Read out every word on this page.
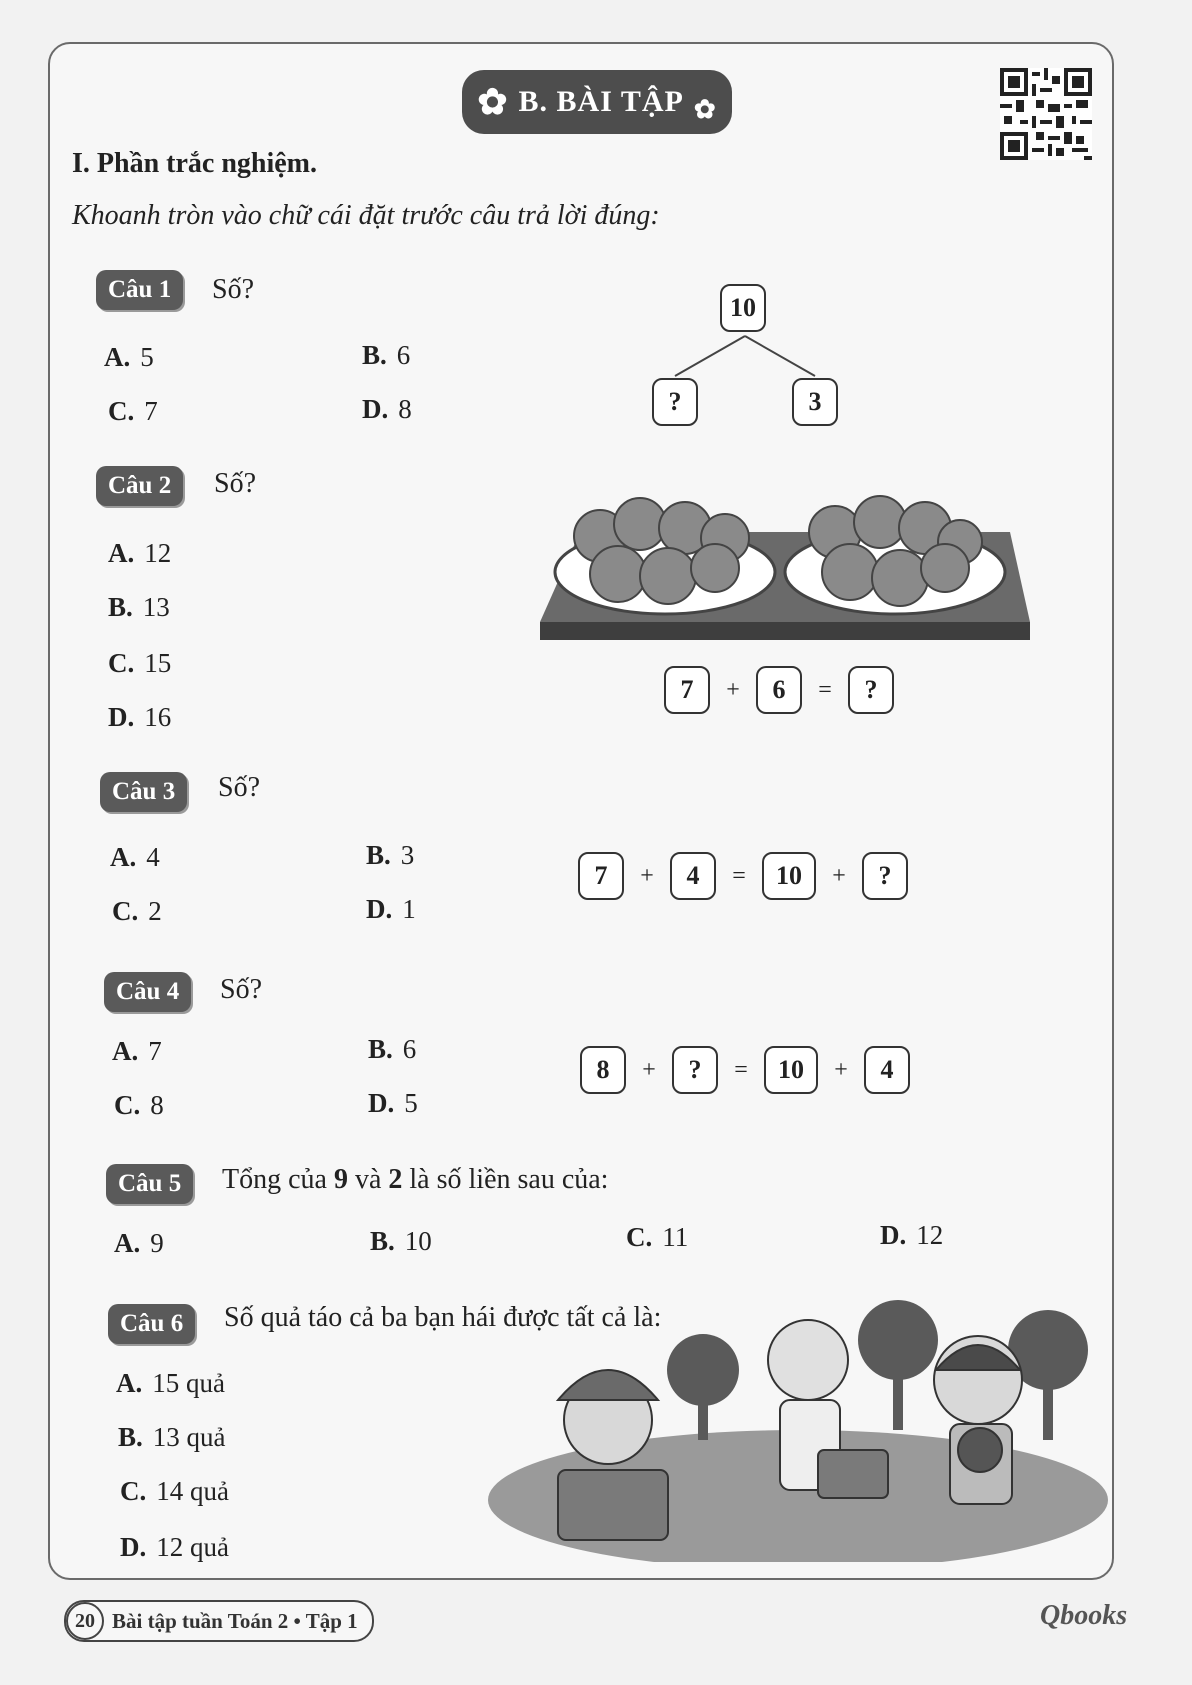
✿ B. BÀI TẬP ✿
I. Phần trắc nghiệm.
Khoanh tròn vào chữ cái đặt trước câu trả lời đúng:
Câu 1	Số?
A. 5	B. 6
C. 7	D. 8
10
?	3
Câu 2	Số?
A. 12
B. 13
C. 15
D. 16
7	+	6	=	?
Câu 3	Số?
A. 4	B. 3
C. 2	D. 1
7	+	4	=	10	+	?
Câu 4	Số?
A. 7	B. 6
C. 8	D. 5
8	+	?	=	10	+	4
Câu 5	Tổng của 9 và 2 là số liền sau của:
A. 9	B. 10	C. 11	D. 12
Câu 6	Số quả táo cả ba bạn hái được tất cả là:
A. 15 quả
B. 13 quả
C. 14 quả
D. 12 quả
20 Bài tập tuần Toán 2 • Tập 1	Qbooks
